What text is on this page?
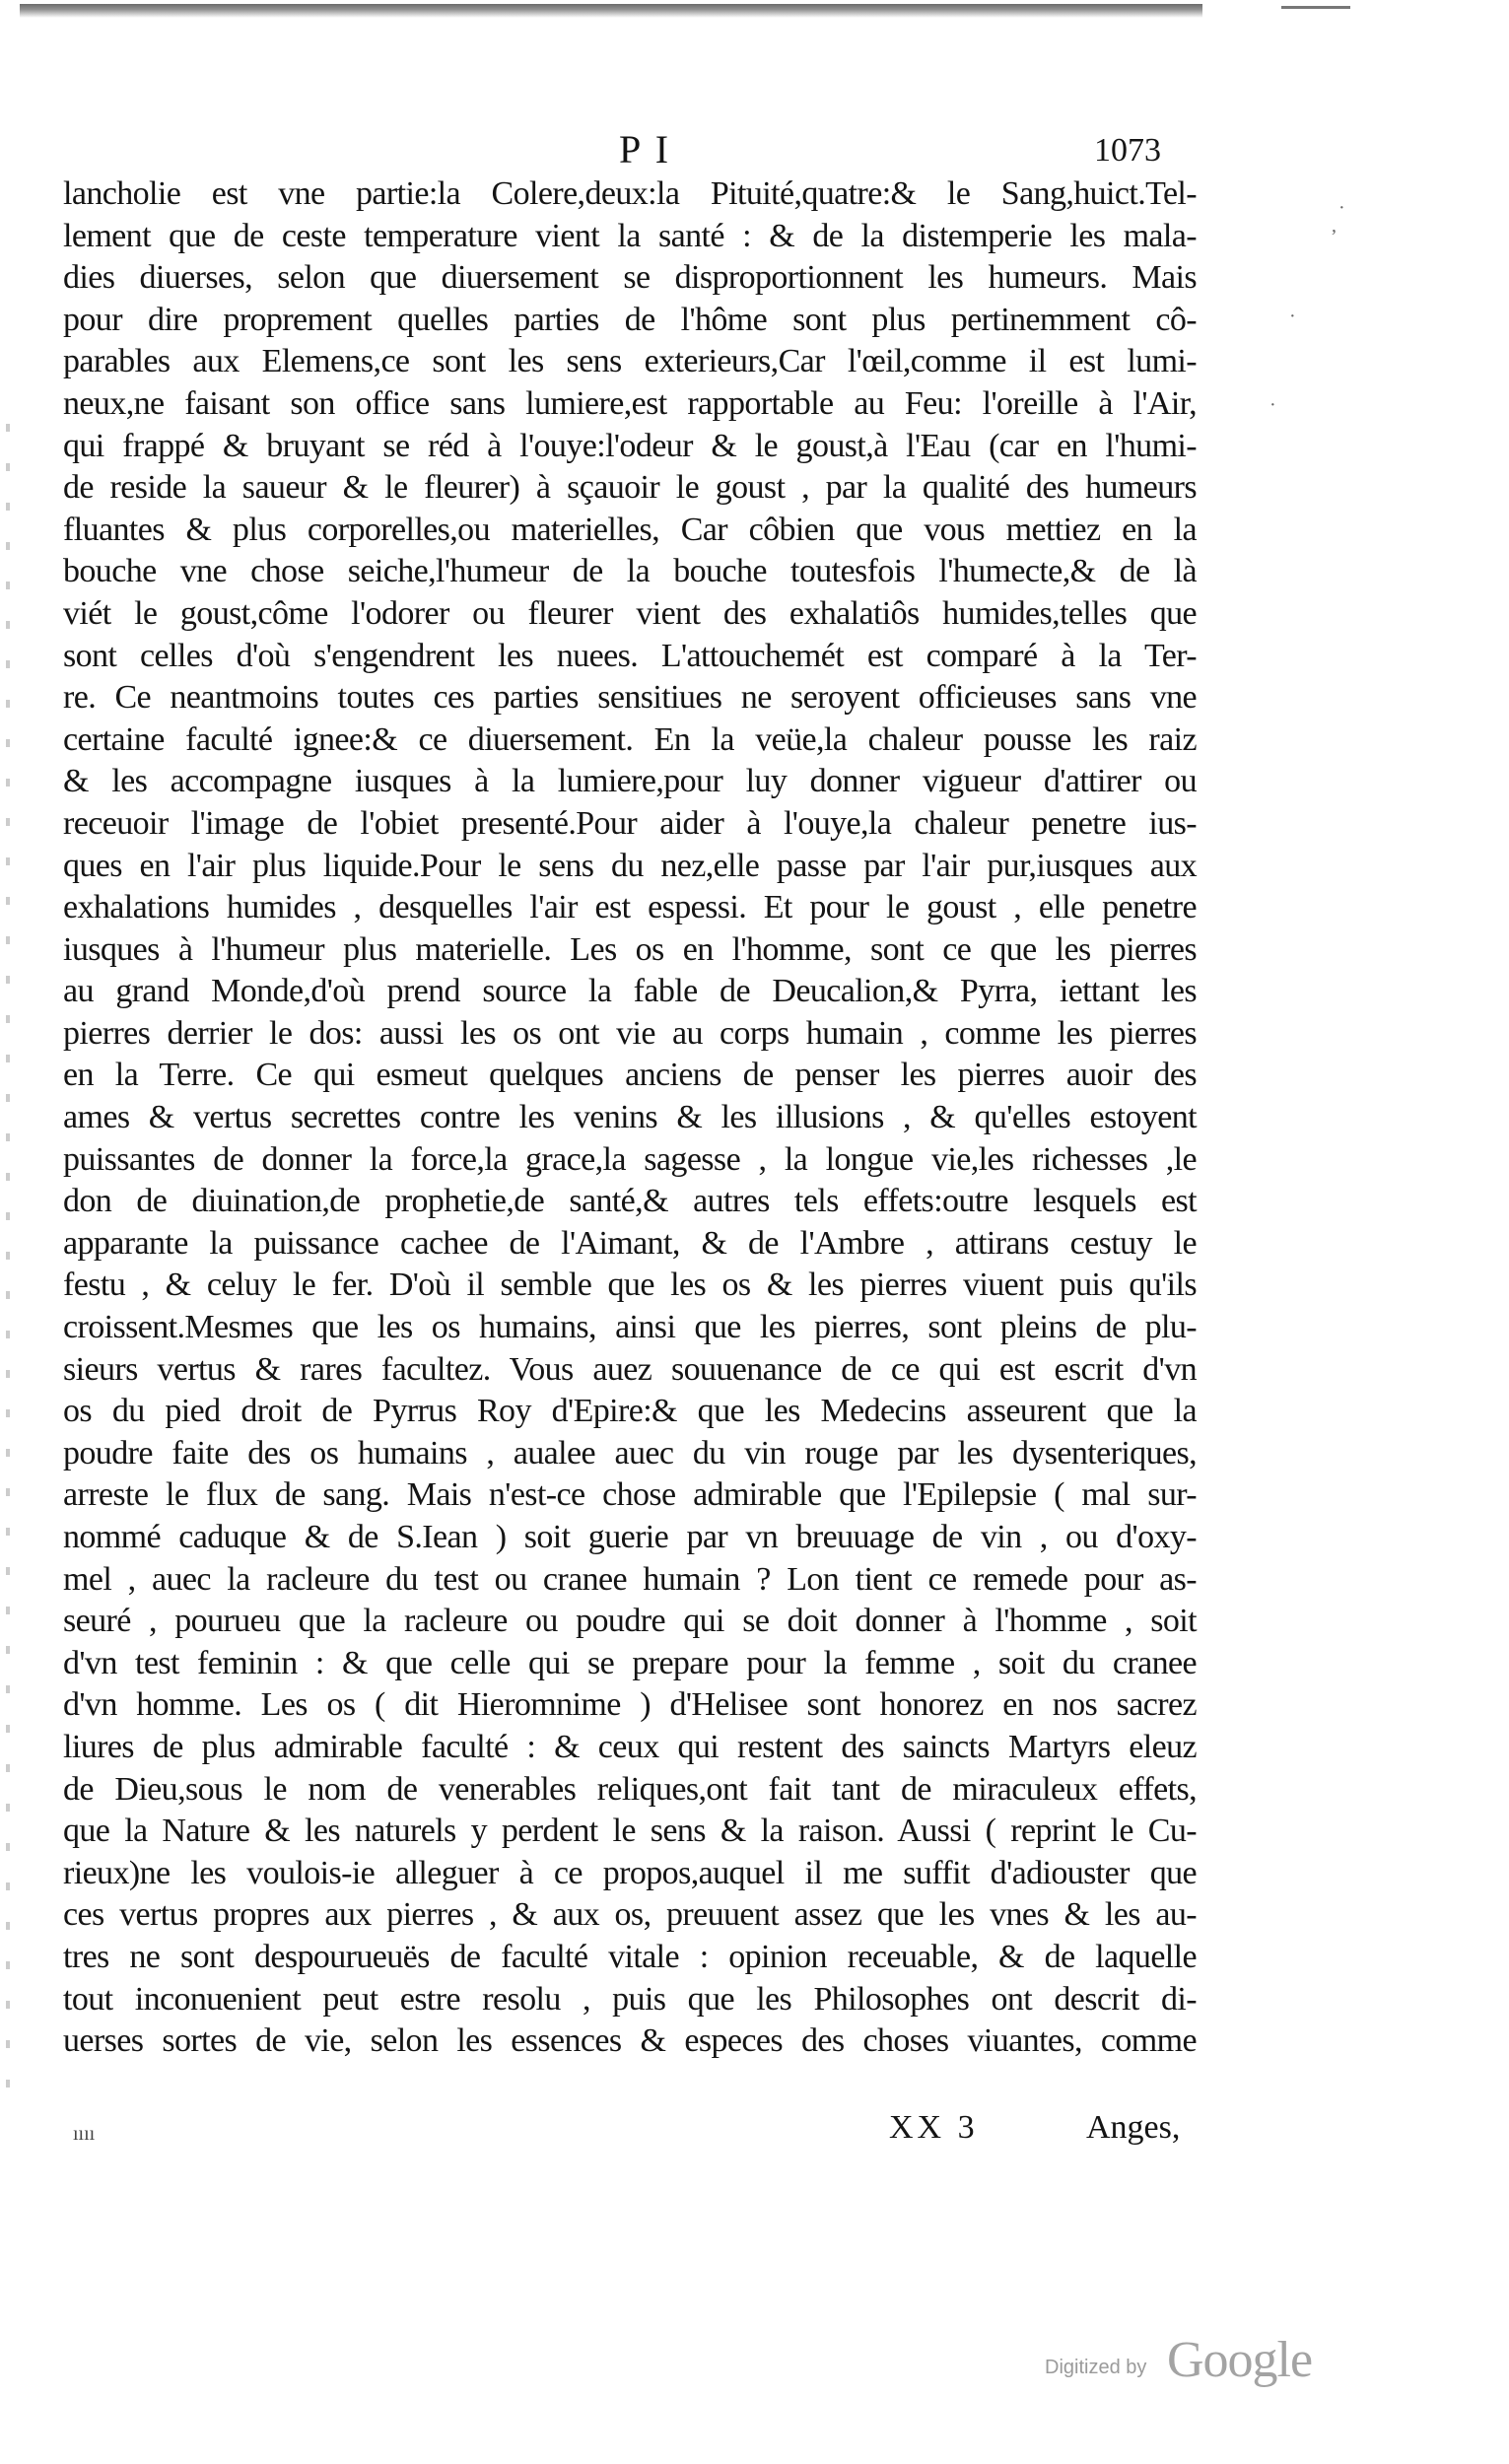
P I	1073
lancholie est vne partie:la Colere,deux:la Pituité,quatre:& le Sang,huict.Tel-
lement que de ceste temperature vient la santé : & de la distemperie les mala-
dies diuerses, selon que diuersement se disproportionnent les humeurs. Mais
pour dire proprement quelles parties de l'hôme sont plus pertinemment cô-
parables aux Elemens,ce sont les sens exterieurs,Car l'œil,comme il est lumi-
neux,ne faisant son office sans lumiere,est rapportable au Feu: l'oreille à l'Air,
qui frappé & bruyant se réd à l'ouye:l'odeur & le goust,à l'Eau (car en l'humi-
de reside la saueur & le fleurer) à sçauoir le goust , par la qualité des humeurs
fluantes & plus corporelles,ou materielles, Car côbien que vous mettiez en la
bouche vne chose seiche,l'humeur de la bouche toutesfois l'humecte,& de là
viét le goust,côme l'odorer ou fleurer vient des exhalatiôs humides,telles que
sont celles d'où s'engendrent les nuees. L'attouchemét est comparé à la Ter-
re. Ce neantmoins toutes ces parties sensitiues ne seroyent officieuses sans vne
certaine faculté ignee:& ce diuersement. En la veüe,la chaleur pousse les raiz
& les accompagne iusques à la lumiere,pour luy donner vigueur d'attirer ou
receuoir l'image de l'obiet presenté.Pour aider à l'ouye,la chaleur penetre ius-
ques en l'air plus liquide.Pour le sens du nez,elle passe par l'air pur,iusques aux
exhalations humides , desquelles l'air est espessi. Et pour le goust , elle penetre
iusques à l'humeur plus materielle. Les os en l'homme, sont ce que les pierres
au grand Monde,d'où prend source la fable de Deucalion,& Pyrra, iettant les
pierres derrier le dos: aussi les os ont vie au corps humain , comme les pierres
en la Terre. Ce qui esmeut quelques anciens de penser les pierres auoir des
ames & vertus secrettes contre les venins & les illusions , & qu'elles estoyent
puissantes de donner la force,la grace,la sagesse , la longue vie,les richesses ,le
don de diuination,de prophetie,de santé,& autres tels effets:outre lesquels est
apparante la puissance cachee de l'Aimant, & de l'Ambre , attirans cestuy le
festu , & celuy le fer. D'où il semble que les os & les pierres viuent puis qu'ils
croissent.Mesmes que les os humains, ainsi que les pierres, sont pleins de plu-
sieurs vertus & rares facultez. Vous auez souuenance de ce qui est escrit d'vn
os du pied droit de Pyrrus Roy d'Epire:& que les Medecins asseurent que la
poudre faite des os humains , aualee auec du vin rouge par les dysenteriques,
arreste le flux de sang. Mais n'est-ce chose admirable que l'Epilepsie ( mal sur-
nommé caduque & de S.Iean ) soit guerie par vn breuuage de vin , ou d'oxy-
mel , auec la racleure du test ou cranee humain ? Lon tient ce remede pour as-
seuré , pourueu que la racleure ou poudre qui se doit donner à l'homme , soit
d'vn test feminin : & que celle qui se prepare pour la femme , soit du cranee
d'vn homme. Les os ( dit Hieromnime ) d'Helisee sont honorez en nos sacrez
liures de plus admirable faculté : & ceux qui restent des saincts Martyrs eleuz
de Dieu,sous le nom de venerables reliques,ont fait tant de miraculeux effets,
que la Nature & les naturels y perdent le sens & la raison. Aussi ( reprint le Cu-
rieux)ne les voulois-ie alleguer à ce propos,auquel il me suffit d'adiouster que
ces vertus propres aux pierres , & aux os, preuuent assez que les vnes & les au-
tres ne sont despourueuës de faculté vitale : opinion receuable, & de laquelle
tout inconuenient peut estre resolu , puis que les Philosophes ont descrit di-
uerses sortes de vie, selon les essences & especes des choses viuantes, comme
·
‚
·
·
ıııı	XX 3	Anges,
Digitized by Google
